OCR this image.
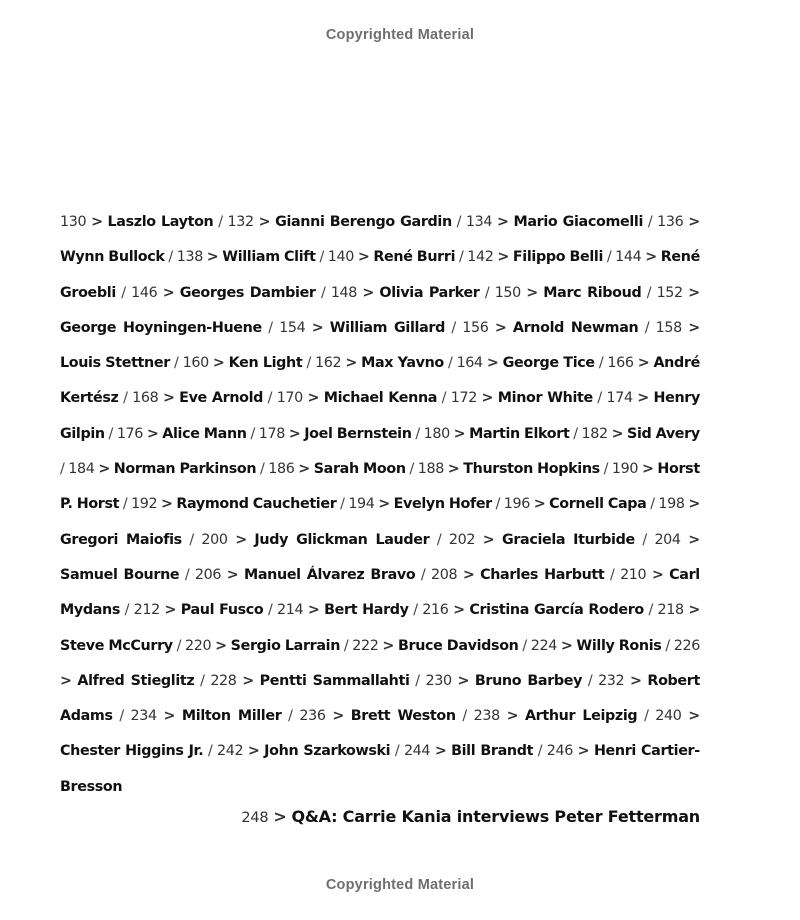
Copyrighted Material

130 > Laszlo Layton / 132 > Gianni Berengo Gardin / 134 > Mario Giacomelli / 136 > Wynn Bullock / 138 > William Clift / 140 > René Burri / 142 > Filippo Belli / 144 > René Groebli / 146 > Georges Dambier / 148 > Olivia Parker / 150 > Marc Riboud / 152 > George Hoyningen-Huene / 154 > William Gillard / 156 > Arnold Newman / 158 > Louis Stettner / 160 > Ken Light / 162 > Max Yavno / 164 > George Tice / 166 > André Kertész / 168 > Eve Arnold / 170 > Michael Kenna / 172 > Minor White / 174 > Henry Gilpin / 176 > Alice Mann / 178 > Joel Bernstein / 180 > Martin Elkort / 182 > Sid Avery / 184 > Norman Parkinson / 186 > Sarah Moon / 188 > Thurston Hopkins / 190 > Horst P. Horst / 192 > Raymond Cauchetier / 194 > Evelyn Hofer / 196 > Cornell Capa / 198 > Gregori Maiofis / 200 > Judy Glickman Lauder / 202 > Graciela Iturbide / 204 > Samuel Bourne / 206 > Manuel Álvarez Bravo / 208 > Charles Harbutt / 210 > Carl Mydans / 212 > Paul Fusco / 214 > Bert Hardy / 216 > Cristina García Rodero / 218 > Steve McCurry / 220 > Sergio Larrain / 222 > Bruce Davidson / 224 > Willy Ronis / 226 > Alfred Stieglitz / 228 > Pentti Sammallahti / 230 > Bruno Barbey / 232 > Robert Adams / 234 > Milton Miller / 236 > Brett Weston / 238 > Arthur Leipzig / 240 > Chester Higgins Jr. / 242 > John Szarkowski / 244 > Bill Brandt / 246 > Henri Cartier-Bresson

248 > Q&A: Carrie Kania interviews Peter Fetterman
Copyrighted Material
